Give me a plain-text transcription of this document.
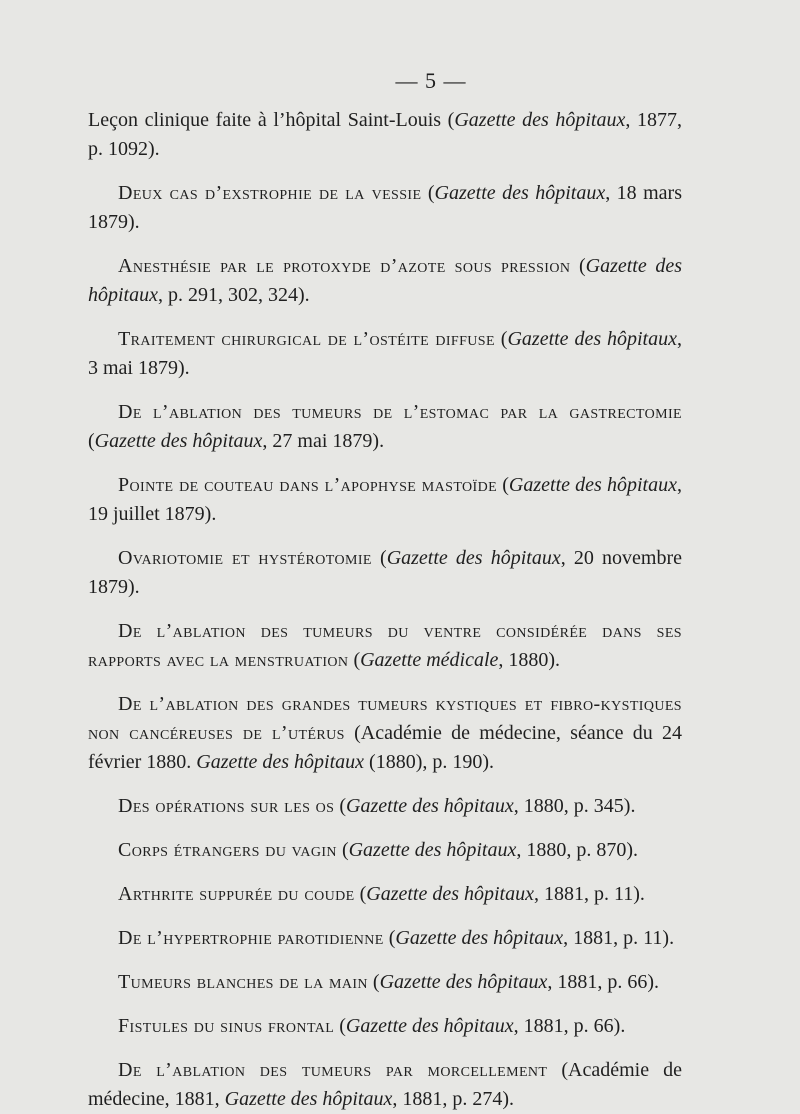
— 5 —

Leçon clinique faite à l’hôpital Saint-Louis (Gazette des hôpitaux, 1877, p. 1092).

Deux cas d’exstrophie de la vessie (Gazette des hôpitaux, 18 mars 1879).

Anesthésie par le protoxyde d’azote sous pression (Gazette des hôpitaux, p. 291, 302, 324).

Traitement chirurgical de l’ostéite diffuse (Gazette des hôpitaux, 3 mai 1879).

De l’ablation des tumeurs de l’estomac par la gastrectomie (Gazette des hôpitaux, 27 mai 1879).

Pointe de couteau dans l’apophyse mastoïde (Gazette des hôpitaux, 19 juillet 1879).

Ovariotomie et hystérotomie (Gazette des hôpitaux, 20 novembre 1879).

De l’ablation des tumeurs du ventre considérée dans ses rapports avec la menstruation (Gazette médicale, 1880).

De l’ablation des grandes tumeurs kystiques et fibro-kystiques non cancéreuses de l’utérus (Académie de médecine, séance du 24 février 1880. Gazette des hôpitaux (1880), p. 190).

Des opérations sur les os (Gazette des hôpitaux, 1880, p. 345).

Corps étrangers du vagin (Gazette des hôpitaux, 1880, p. 870).

Arthrite suppurée du coude (Gazette des hôpitaux, 1881, p. 11).

De l’hypertrophie parotidienne (Gazette des hôpitaux, 1881, p. 11).

Tumeurs blanches de la main (Gazette des hôpitaux, 1881, p. 66).

Fistules du sinus frontal (Gazette des hôpitaux, 1881, p. 66).

De l’ablation des tumeurs par morcellement (Académie de médecine, 1881, Gazette des hôpitaux, 1881, p. 274).
